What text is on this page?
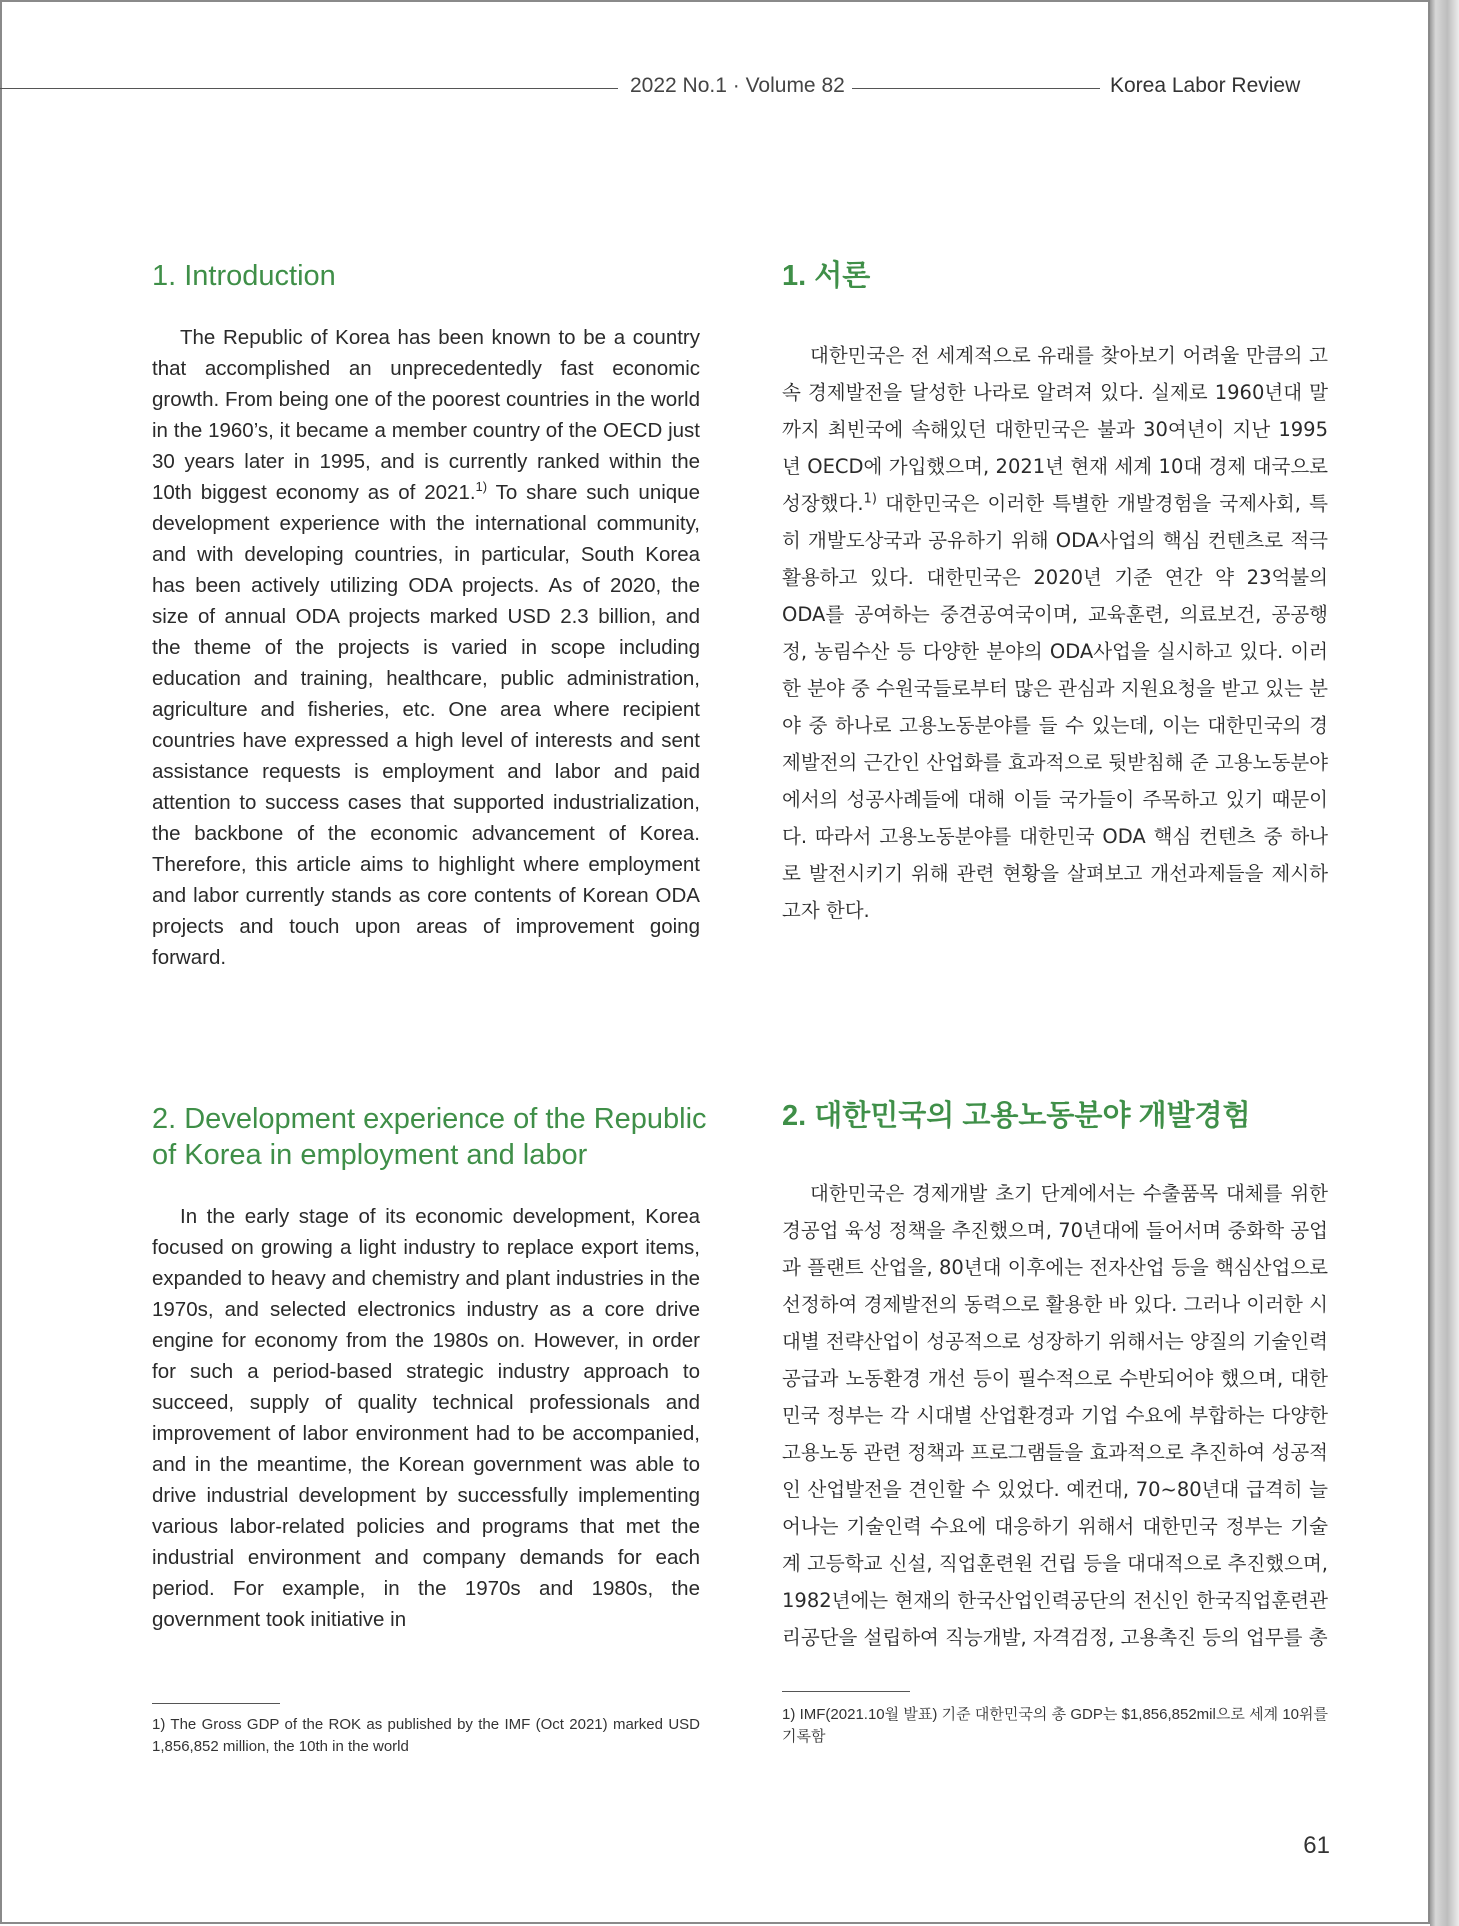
2022 No.1 · Volume 82	Korea Labor Review
1. Introduction

The Republic of Korea has been known to be a country that accomplished an unprecedentedly fast economic growth. From being one of the poorest countries in the world in the 1960’s, it became a member country of the OECD just 30 years later in 1995, and is currently ranked within the 10th biggest economy as of 2021.$^{1)}$ To share such unique development experience with the international community, and with developing countries, in particular, South Korea has been actively utilizing ODA projects. As of 2020, the size of annual ODA projects marked USD 2.3 billion, and the theme of the projects is varied in scope including education and training, healthcare, public administration, agriculture and fisheries, etc. One area where recipient countries have expressed a high level of interests and sent assistance requests is employment and labor and paid attention to success cases that supported industrialization, the backbone of the economic advancement of Korea. Therefore, this article aims to highlight where employment and labor currently stands as core contents of Korean ODA projects and touch upon areas of improvement going forward.

1. 서론

대한민국은 전 세계적으로 유래를 찾아보기 어려울 만큼의 고속 경제발전을 달성한 나라로 알려져 있다. 실제로 1960년대 말까지 최빈국에 속해있던 대한민국은 불과 30여년이 지난 1995년 OECD에 가입했으며, 2021년 현재 세계 10대 경제 대국으로 성장했다.$^{1)}$ 대한민국은 이러한 특별한 개발경험을 국제사회, 특히 개발도상국과 공유하기 위해 ODA사업의 핵심 컨텐츠로 적극 활용하고 있다. 대한민국은 2020년 기준 연간 약 23억불의 ODA를 공여하는 중견공여국이며, 교육훈련, 의료보건, 공공행정, 농림수산 등 다양한 분야의 ODA사업을 실시하고 있다. 이러한 분야 중 수원국들로부터 많은 관심과 지원요청을 받고 있는 분야 중 하나로 고용노동분야를 들 수 있는데, 이는 대한민국의 경제발전의 근간인 산업화를 효과적으로 뒷받침해 준 고용노동분야에서의 성공사례들에 대해 이들 국가들이 주목하고 있기 때문이다. 따라서 고용노동분야를 대한민국 ODA 핵심 컨텐츠 중 하나로 발전시키기 위해 관련 현황을 살펴보고 개선과제들을 제시하고자 한다.

2. Development experience of the Republic
of Korea in employment and labor

In the early stage of its economic development, Korea focused on growing a light industry to replace export items, expanded to heavy and chemistry and plant industries in the 1970s, and selected electronics industry as a core drive engine for economy from the 1980s on. However, in order for such a period-based strategic industry approach to succeed, supply of quality technical professionals and improvement of labor environment had to be accompanied, and in the meantime, the Korean government was able to drive industrial development by successfully implementing various labor-related policies and programs that met the industrial environment and company demands for each period. For example, in the 1970s and 1980s, the government took initiative in

2. 대한민국의 고용노동분야 개발경험

대한민국은 경제개발 초기 단계에서는 수출품목 대체를 위한 경공업 육성 정책을 추진했으며, 70년대에 들어서며 중화학 공업과 플랜트 산업을, 80년대 이후에는 전자산업 등을 핵심산업으로 선정하여 경제발전의 동력으로 활용한 바 있다. 그러나 이러한 시대별 전략산업이 성공적으로 성장하기 위해서는 양질의 기술인력 공급과 노동환경 개선 등이 필수적으로 수반되어야 했으며, 대한민국 정부는 각 시대별 산업환경과 기업 수요에 부합하는 다양한 고용노동 관련 정책과 프로그램들을 효과적으로 추진하여 성공적인 산업발전을 견인할 수 있었다. 예컨대, 70~80년대 급격히 늘어나는 기술인력 수요에 대응하기 위해서 대한민국 정부는 기술계 고등학교 신설, 직업훈련원 건립 등을 대대적으로 추진했으며, 1982년에는 현재의 한국산업인력공단의 전신인 한국직업훈련관리공단을 설립하여 직능개발, 자격검정, 고용촉진 등의 업무를 총

1) The Gross GDP of the ROK as published by the IMF (Oct 2021) marked USD 1,856,852 million, the 10th in the world

1) IMF(2021.10월 발표) 기준 대한민국의 총 GDP는 $1,856,852mil으로 세계 10위를 기록함

61
